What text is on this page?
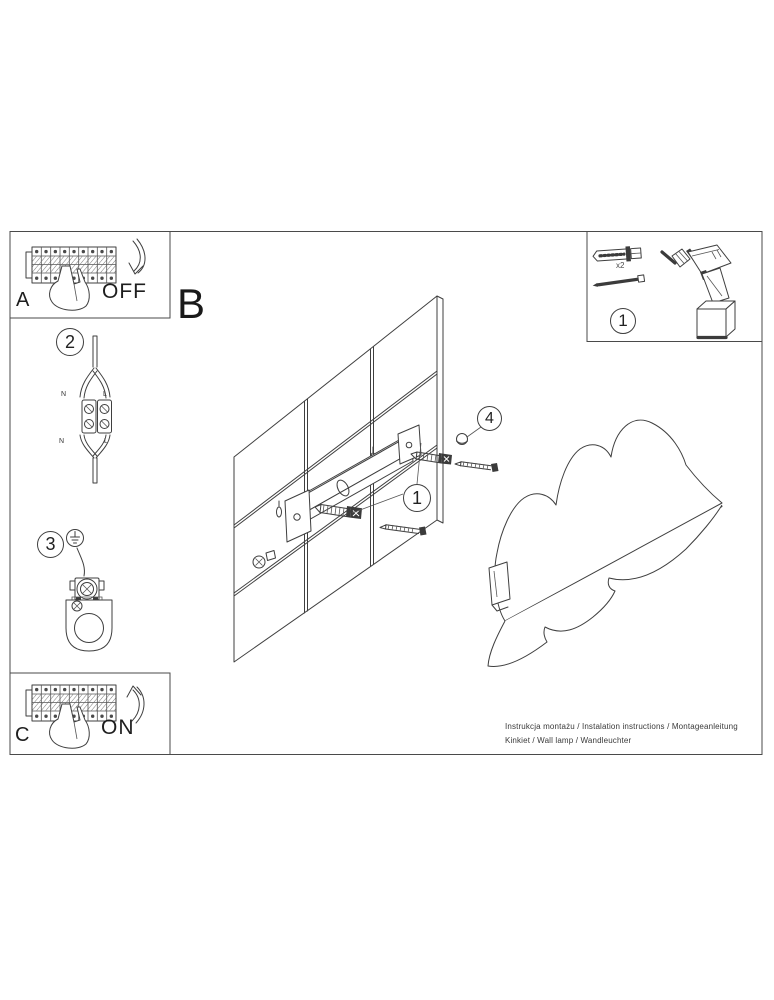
A	OFF B
C	ON
2
3
1
1
4
N	L
N	L
x2
Instrukcja montażu / Instalation instructions / Montageanleitung
Kinkiet / Wall lamp / Wandleuchter
